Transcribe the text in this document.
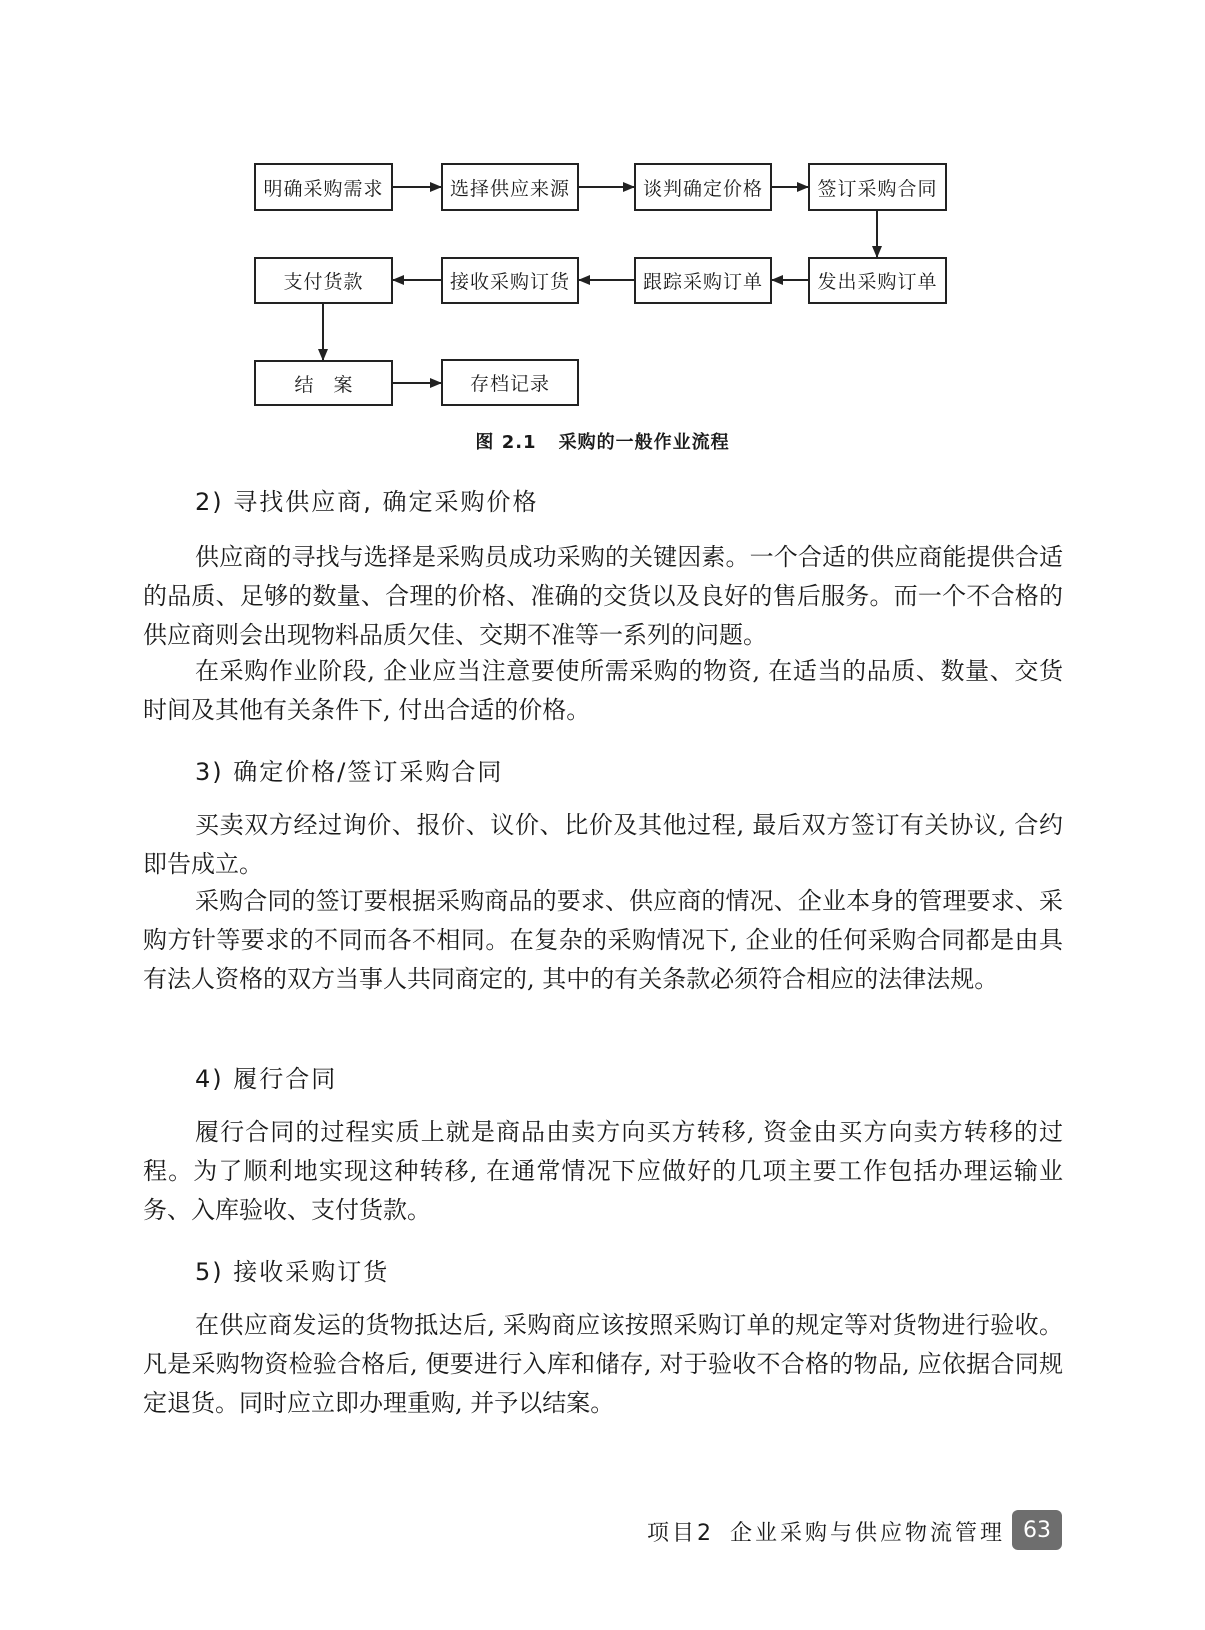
明确采购需求	选择供应来源	谈判确定价格	签订采购合同
支付货款	接收采购订货	跟踪采购订单	发出采购订单
结案	存档记录
图 2.1 采购的一般作业流程
2) 寻找供应商, 确定采购价格

供应商的寻找与选择是采购员成功采购的关键因素。一个合适的供应商能提供合适的品质、足够的数量、合理的价格、准确的交货以及良好的售后服务。而一个不合格的供应商则会出现物料品质欠佳、交期不准等一系列的问题。

在采购作业阶段, 企业应当注意要使所需采购的物资, 在适当的品质、数量、交货时间及其他有关条件下, 付出合适的价格。

3) 确定价格/签订采购合同

买卖双方经过询价、报价、议价、比价及其他过程, 最后双方签订有关协议, 合约即告成立。

采购合同的签订要根据采购商品的要求、供应商的情况、企业本身的管理要求、采购方针等要求的不同而各不相同。在复杂的采购情况下, 企业的任何采购合同都是由具有法人资格的双方当事人共同商定的, 其中的有关条款必须符合相应的法律法规。

4) 履行合同

履行合同的过程实质上就是商品由卖方向买方转移, 资金由买方向卖方转移的过程。为了顺利地实现这种转移, 在通常情况下应做好的几项主要工作包括办理运输业务、入库验收、支付货款。

5) 接收采购订货

在供应商发运的货物抵达后, 采购商应该按照采购订单的规定等对货物进行验收。凡是采购物资检验合格后, 便要进行入库和储存, 对于验收不合格的物品, 应依据合同规定退货。同时应立即办理重购, 并予以结案。

项目2 企业采购与供应物流管理 63
